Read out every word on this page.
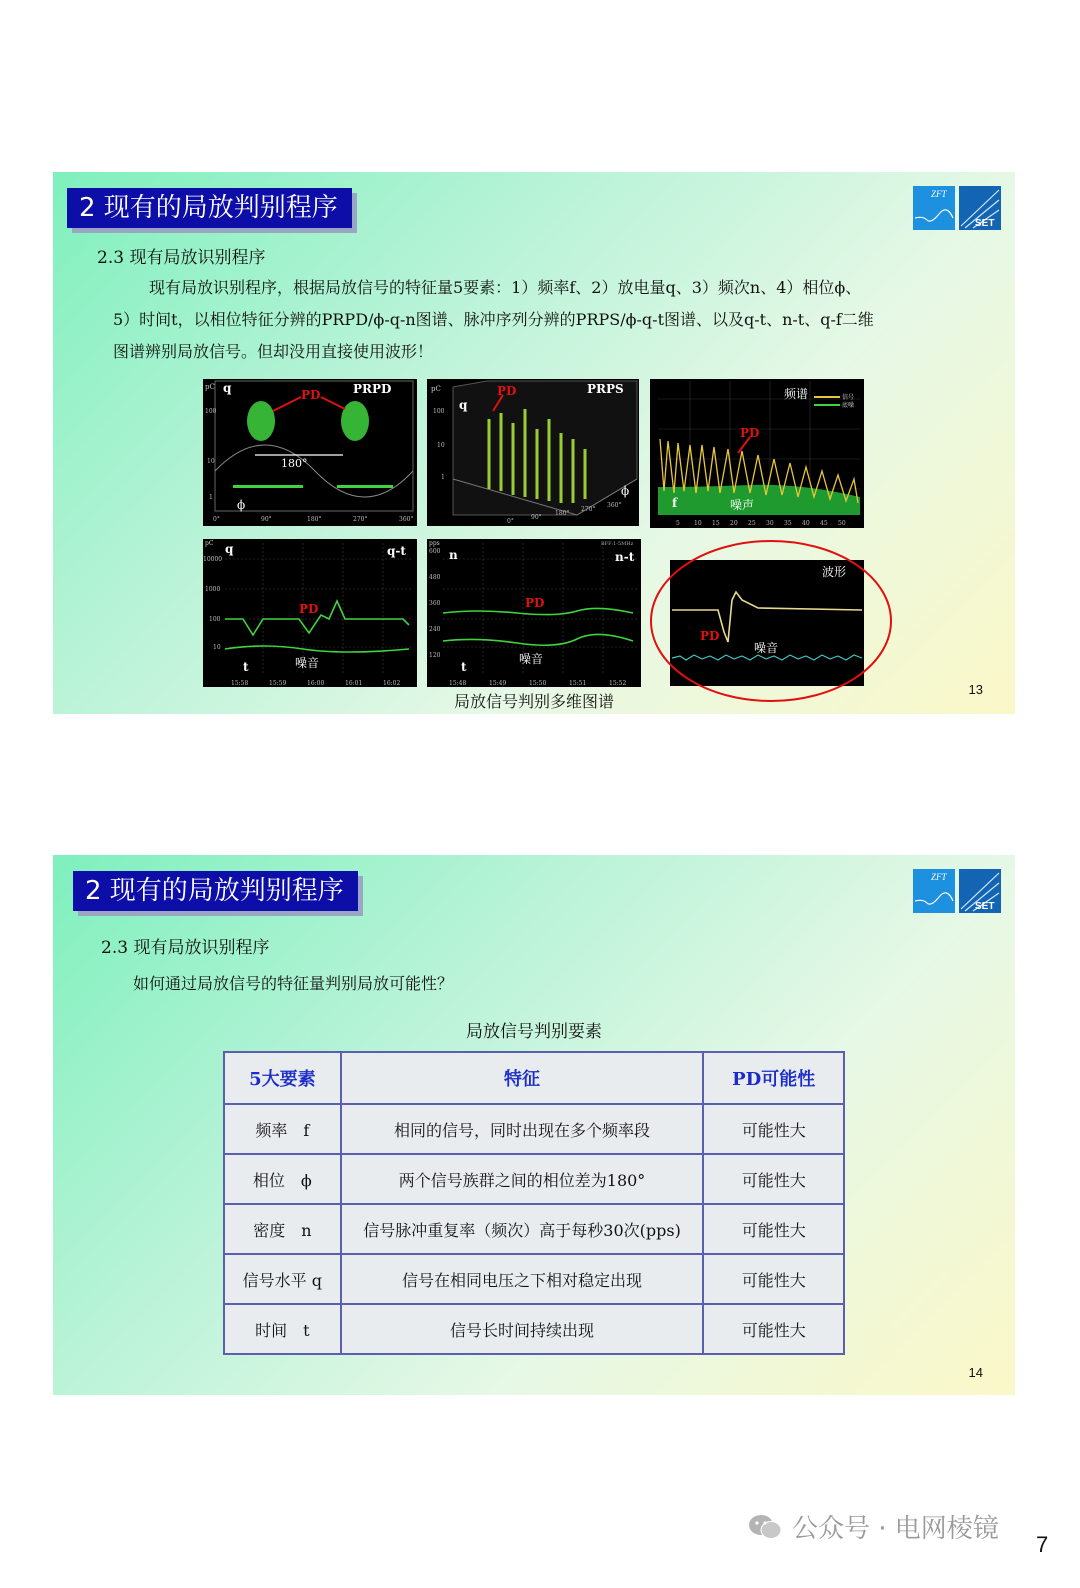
2 现有的局放判别程序	ZFT
SET
2.3 现有局放识别程序
现有局放识别程序，根据局放信号的特征量5要素：1）频率f、2）放电量q、3）频次n、4）相位ϕ、
5）时间t，以相位特征分辨的PRPD/ϕ-q-n图谱、脉冲序列分辨的PRPS/ϕ-q-t图谱、以及q-t、n-t、q-f二维
图谱辨别局放信号。但却没用直接使用波形！
pC q	PRPD
PD
180°
ϕ
100
10
1
0°	90°	180°	270°	360°
pC
q
PRPS
PD
ϕ
100
10
1
0°
90°
180°
270°
360°
频谱	信号
底噪
PD
f	噪声
5 10 15 20 25 30 35 40 45 50
pC q	q-t
PD
t	噪音
10000
1000
100
10
15:58	15:59	16:00	16:01	16:02
pps	BFF:1-5MHz
n	n-t
PD
t
噪音
600
480
360
240
120
15:48	15:49	15:50	15:51	15:52
波形
PD
噪音
局放信号判别多维图谱
13
2 现有的局放判别程序	ZFT
SET
2.3 现有局放识别程序
如何通过局放信号的特征量判别局放可能性？
局放信号判别要素
5大要素	特征	PD可能性
频率　f	相同的信号，同时出现在多个频率段	可能性大
相位　ϕ	两个信号族群之间的相位差为180°	可能性大
密度　n	信号脉冲重复率（频次）高于每秒30次(pps)	可能性大
信号水平 q	信号在相同电压之下相对稳定出现	可能性大
时间　t	信号长时间持续出现	可能性大
14
公众号 · 电网棱镜
7
